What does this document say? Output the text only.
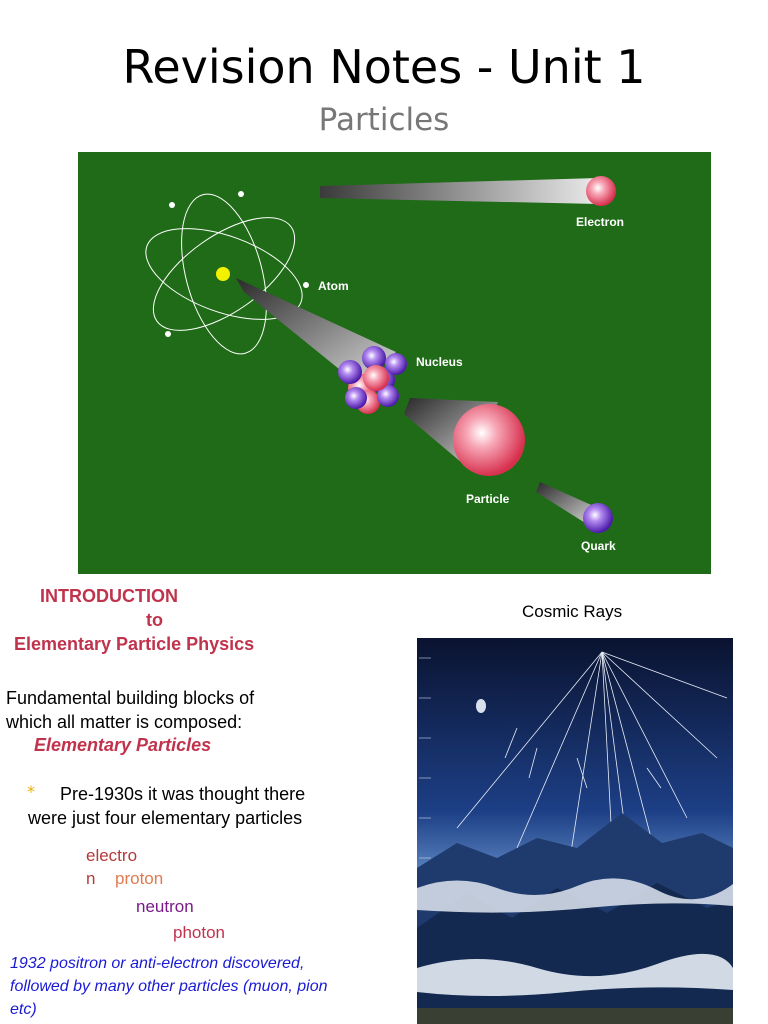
Revision Notes - Unit 1
Particles
Electron
Atom
Nucleus
Particle
Quark
INTRODUCTION
to
Elementary Particle Physics
Cosmic Rays
Fundamental building blocks of
which all matter is composed:
Elementary Particles
* Pre-1930s it was thought there
were just four elementary particles
electro
n proton
neutron
photon
1932 positron or anti-electron discovered,
followed by many other particles (muon, pion
etc)
